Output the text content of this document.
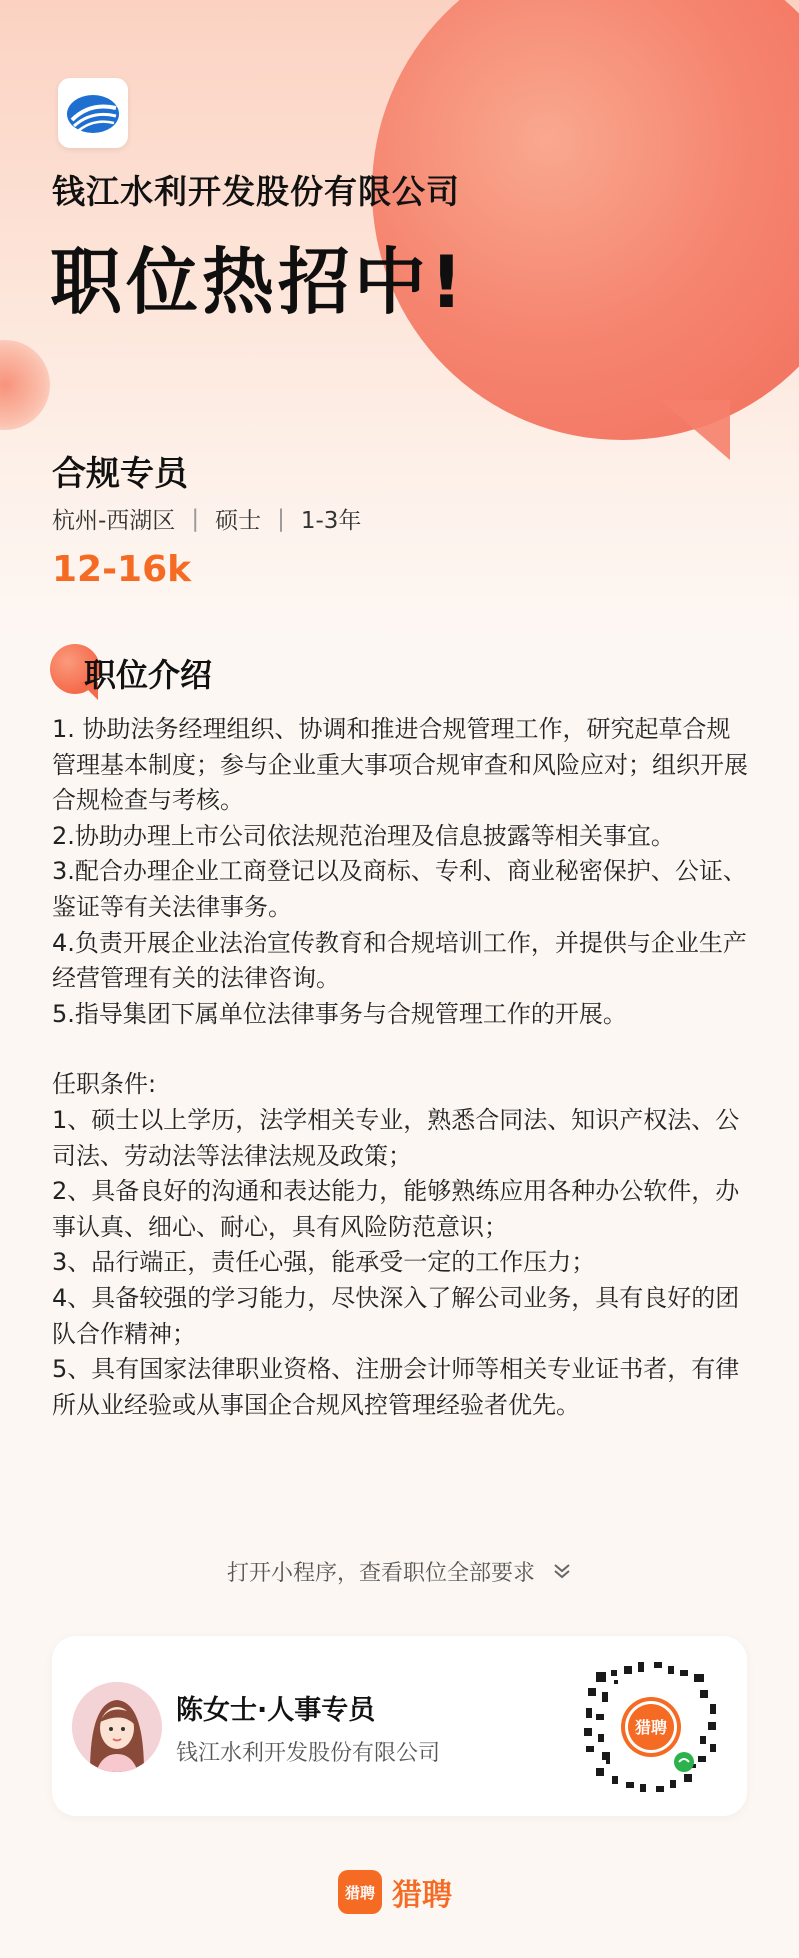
钱江水利开发股份有限公司
职位热招中!
合规专员
杭州-西湖区 | 硕士 | 1-3年
12-16k
职位介绍

1. 协助法务经理组织、协调和推进合规管理工作，研究起草合规管理基本制度；参与企业重大事项合规审查和风险应对；组织开展合规检查与考核。

2.协助办理上市公司依法规范治理及信息披露等相关事宜。

3.配合办理企业工商登记以及商标、专利、商业秘密保护、公证、鉴证等有关法律事务。

4.负责开展企业法治宣传教育和合规培训工作，并提供与企业生产经营管理有关的法律咨询。

5.指导集团下属单位法律事务与合规管理工作的开展。

任职条件:

1、硕士以上学历，法学相关专业，熟悉合同法、知识产权法、公司法、劳动法等法律法规及政策；

2、具备良好的沟通和表达能力，能够熟练应用各种办公软件，办事认真、细心、耐心，具有风险防范意识；

3、品行端正，责任心强，能承受一定的工作压力；

4、具备较强的学习能力，尽快深入了解公司业务，具有良好的团队合作精神；

5、具有国家法律职业资格、注册会计师等相关专业证书者，有律所从业经验或从事国企合规风控管理经验者优先。

打开小程序，查看职位全部要求
陈女士·人事专员
钱江水利开发股份有限公司
猎聘
猎聘 猎聘
